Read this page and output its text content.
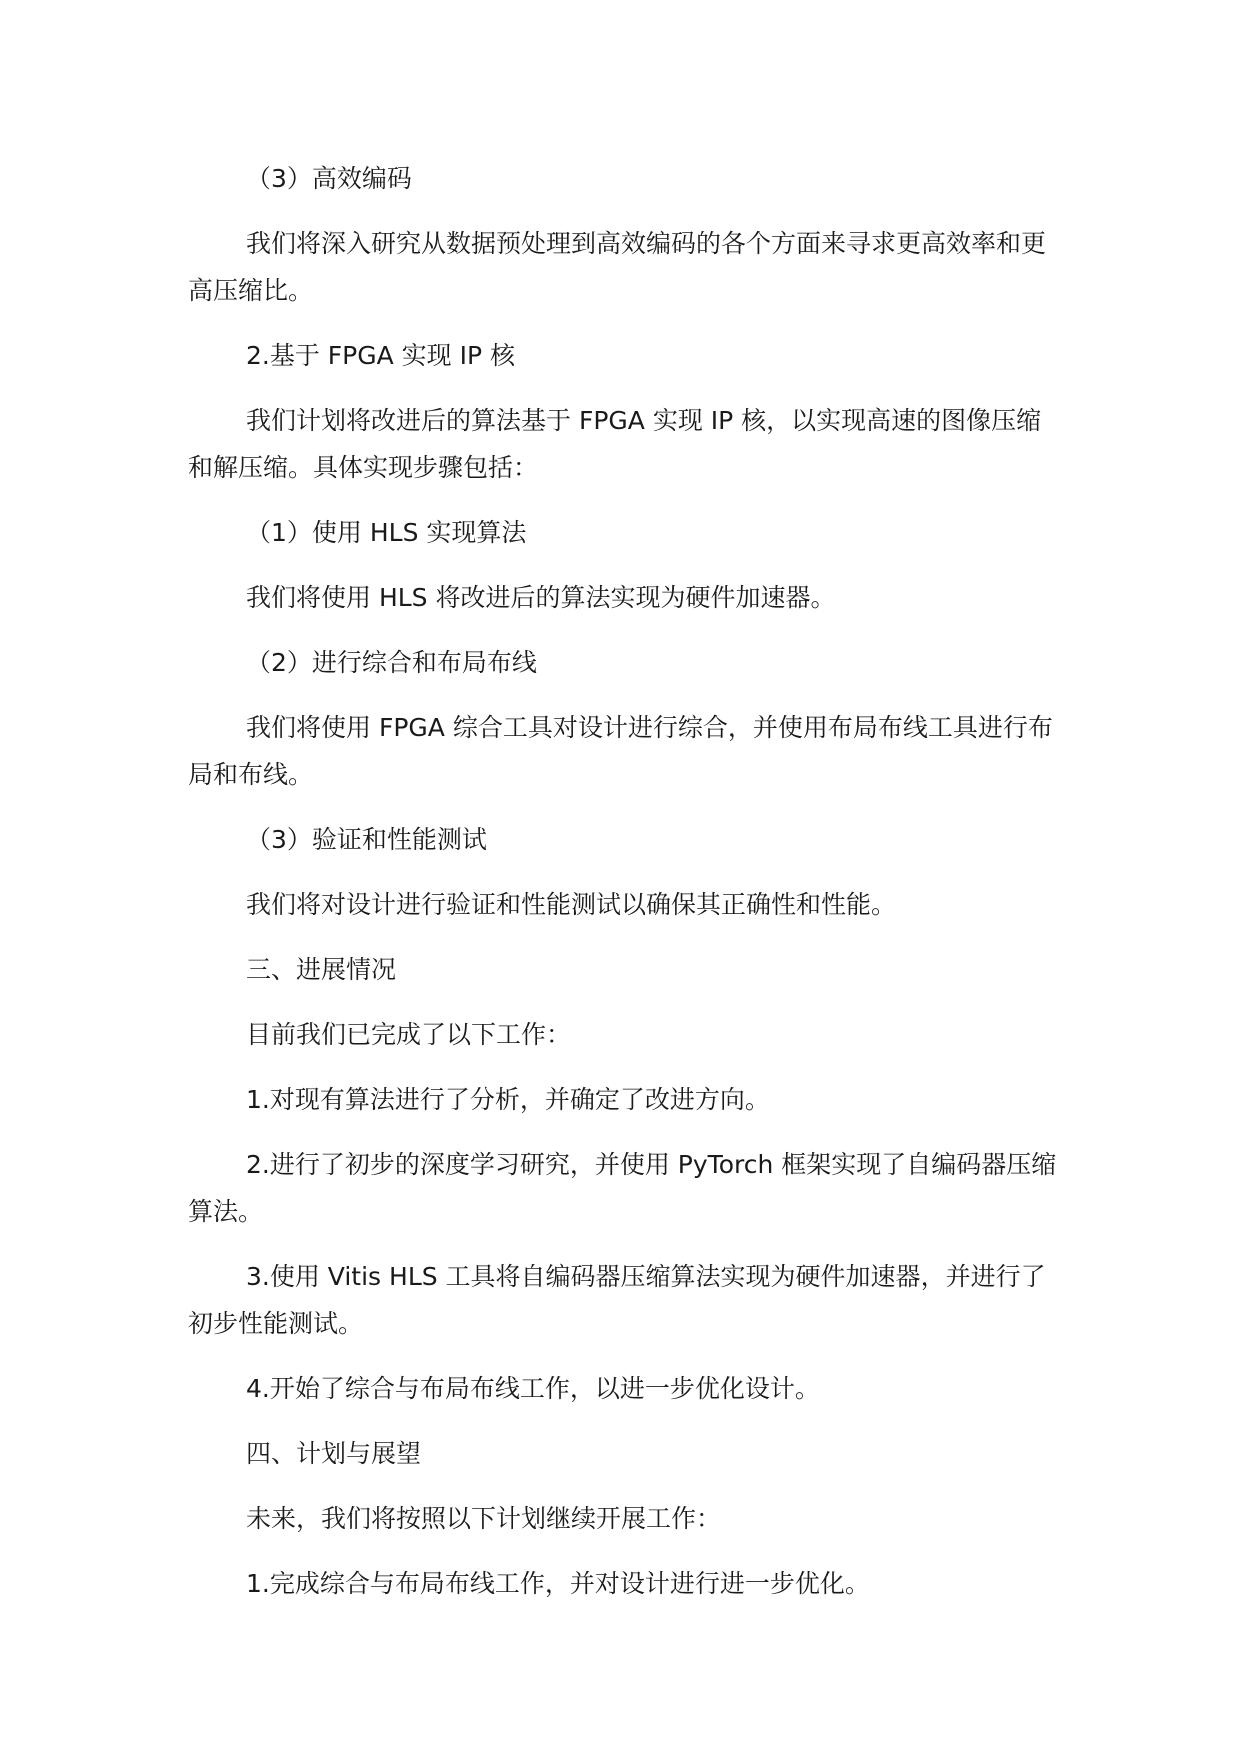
（3）高效编码

我们将深入研究从数据预处理到高效编码的各个方面来寻求更高效率和更高压缩比。

2.基于 FPGA 实现 IP 核

我们计划将改进后的算法基于 FPGA 实现 IP 核，以实现高速的图像压缩和解压缩。具体实现步骤包括：

（1）使用 HLS 实现算法

我们将使用 HLS 将改进后的算法实现为硬件加速器。

（2）进行综合和布局布线

我们将使用 FPGA 综合工具对设计进行综合，并使用布局布线工具进行布局和布线。

（3）验证和性能测试

我们将对设计进行验证和性能测试以确保其正确性和性能。

三、进展情况

目前我们已完成了以下工作：

1.对现有算法进行了分析，并确定了改进方向。

2.进行了初步的深度学习研究，并使用 PyTorch 框架实现了自编码器压缩算法。

3.使用 Vitis HLS 工具将自编码器压缩算法实现为硬件加速器，并进行了初步性能测试。

4.开始了综合与布局布线工作，以进一步优化设计。

四、计划与展望

未来，我们将按照以下计划继续开展工作：

1.完成综合与布局布线工作，并对设计进行进一步优化。
